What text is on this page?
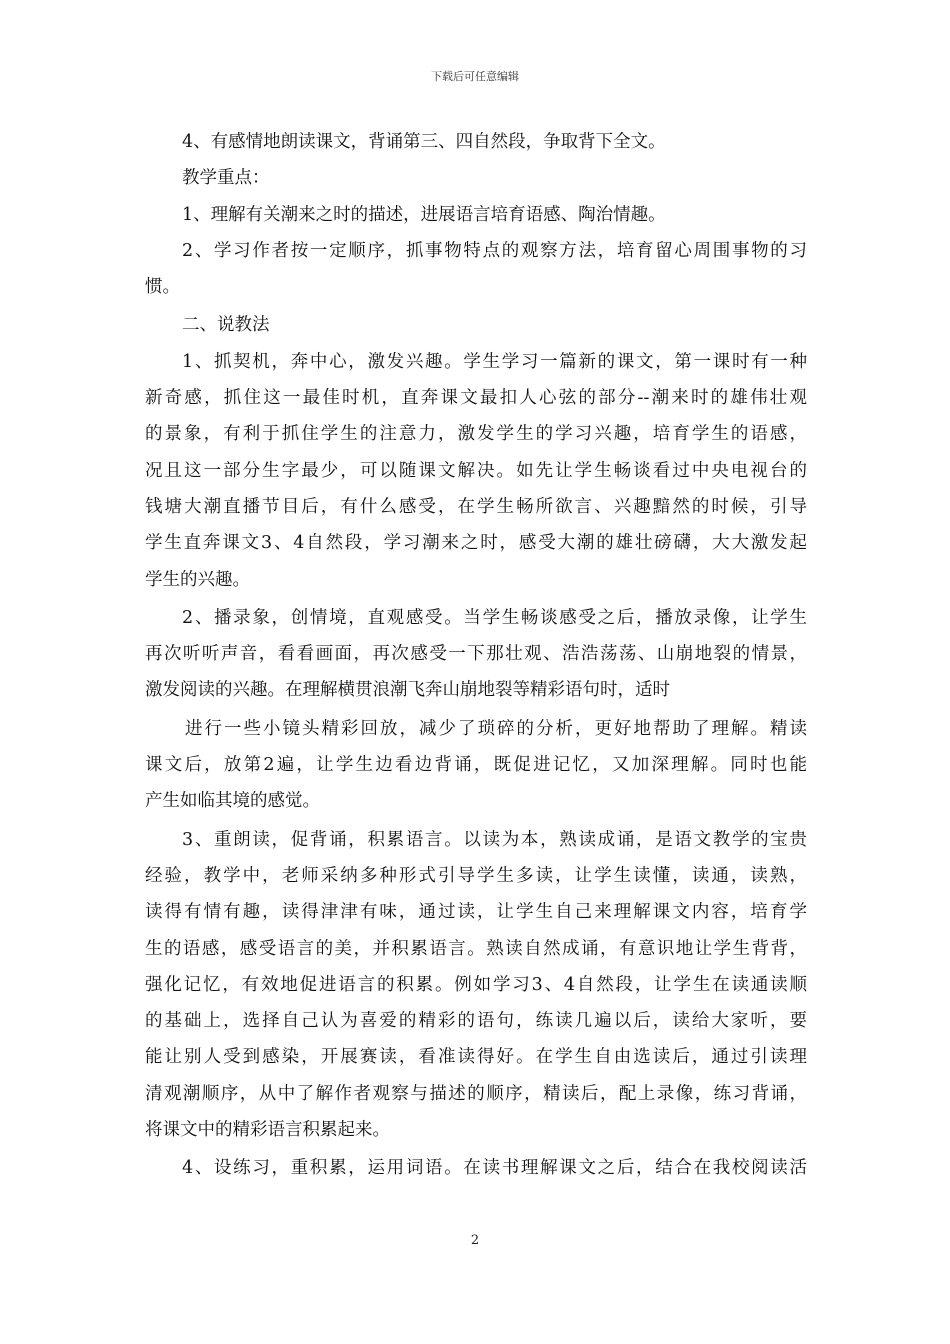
下载后可任意编辑
4、有感情地朗读课文，背诵第三、四自然段，争取背下全文。
教学重点：
1、理解有关潮来之时的描述，进展语言培育语感、陶治情趣。
2、学习作者按一定顺序，抓事物特点的观察方法，培育留心周围事物的习
惯。
二、说教法
1、抓契机，奔中心，激发兴趣。学生学习一篇新的课文，第一课时有一种
新奇感，抓住这一最佳时机，直奔课文最扣人心弦的部分--潮来时的雄伟壮观
的景象，有利于抓住学生的注意力，激发学生的学习兴趣，培育学生的语感，
况且这一部分生字最少，可以随课文解决。如先让学生畅谈看过中央电视台的
钱塘大潮直播节目后，有什么感受，在学生畅所欲言、兴趣黯然的时候，引导
学生直奔课文3、4自然段，学习潮来之时，感受大潮的雄壮磅礴，大大激发起
学生的兴趣。
2、播录象，创情境，直观感受。当学生畅谈感受之后，播放录像，让学生
再次听听声音，看看画面，再次感受一下那壮观、浩浩荡荡、山崩地裂的情景，
激发阅读的兴趣。在理解横贯浪潮飞奔山崩地裂等精彩语句时，适时
进行一些小镜头精彩回放，减少了琐碎的分析，更好地帮助了理解。精读
课文后，放第2遍，让学生边看边背诵，既促进记忆，又加深理解。同时也能
产生如临其境的感觉。
3、重朗读，促背诵，积累语言。以读为本，熟读成诵，是语文教学的宝贵
经验，教学中，老师采纳多种形式引导学生多读，让学生读懂，读通，读熟，
读得有情有趣，读得津津有味，通过读，让学生自己来理解课文内容，培育学
生的语感，感受语言的美，并积累语言。熟读自然成诵，有意识地让学生背背，
强化记忆，有效地促进语言的积累。例如学习3、4自然段，让学生在读通读顺
的基础上，选择自己认为喜爱的精彩的语句，练读几遍以后，读给大家听，要
能让别人受到感染，开展赛读，看准读得好。在学生自由选读后，通过引读理
清观潮顺序，从中了解作者观察与描述的顺序，精读后，配上录像，练习背诵，
将课文中的精彩语言积累起来。
4、设练习，重积累，运用词语。在读书理解课文之后，结合在我校阅读活
2
